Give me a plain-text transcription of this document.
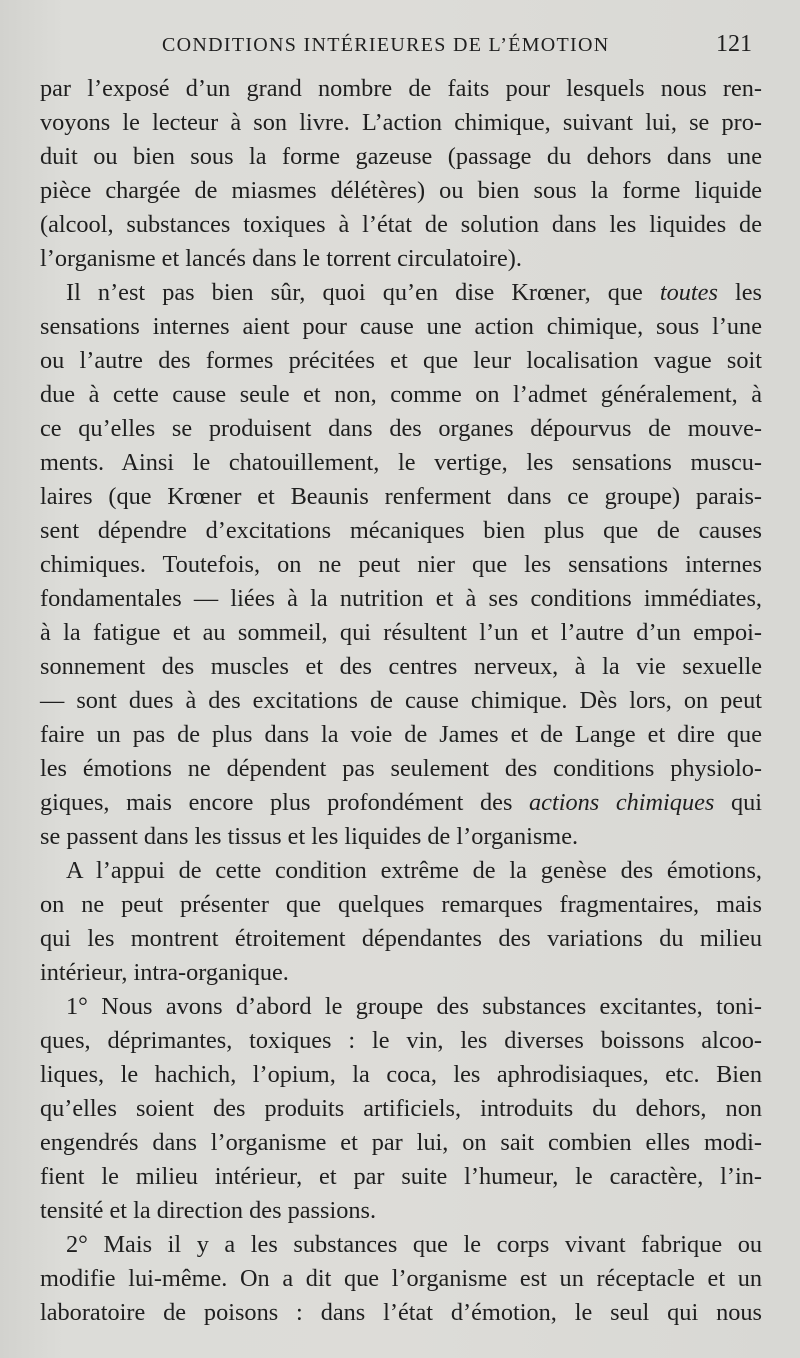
CONDITIONS INTÉRIEURES DE L’ÉMOTION	121
par l’exposé d’un grand nombre de faits pour lesquels nous ren-
voyons le lecteur à son livre. L’action chimique, suivant lui, se pro-
duit ou bien sous la forme gazeuse (passage du dehors dans une
pièce chargée de miasmes délétères) ou bien sous la forme liquide
(alcool, substances toxiques à l’état de solution dans les liquides de
l’organisme et lancés dans le torrent circulatoire).
Il n’est pas bien sûr, quoi qu’en dise Krœner, que toutes les
sensations internes aient pour cause une action chimique, sous l’une
ou l’autre des formes précitées et que leur localisation vague soit
due à cette cause seule et non, comme on l’admet généralement, à
ce qu’elles se produisent dans des organes dépourvus de mouve-
ments. Ainsi le chatouillement, le vertige, les sensations muscu-
laires (que Krœner et Beaunis renferment dans ce groupe) parais-
sent dépendre d’excitations mécaniques bien plus que de causes
chimiques. Toutefois, on ne peut nier que les sensations internes
fondamentales — liées à la nutrition et à ses conditions immédiates,
à la fatigue et au sommeil, qui résultent l’un et l’autre d’un empoi-
sonnement des muscles et des centres nerveux, à la vie sexuelle
— sont dues à des excitations de cause chimique. Dès lors, on peut
faire un pas de plus dans la voie de James et de Lange et dire que
les émotions ne dépendent pas seulement des conditions physiolo-
giques, mais encore plus profondément des actions chimiques qui
se passent dans les tissus et les liquides de l’organisme.
A l’appui de cette condition extrême de la genèse des émotions,
on ne peut présenter que quelques remarques fragmentaires, mais
qui les montrent étroitement dépendantes des variations du milieu
intérieur, intra-organique.
1° Nous avons d’abord le groupe des substances excitantes, toni-
ques, déprimantes, toxiques : le vin, les diverses boissons alcoo-
liques, le hachich, l’opium, la coca, les aphrodisiaques, etc. Bien
qu’elles soient des produits artificiels, introduits du dehors, non
engendrés dans l’organisme et par lui, on sait combien elles modi-
fient le milieu intérieur, et par suite l’humeur, le caractère, l’in-
tensité et la direction des passions.
2° Mais il y a les substances que le corps vivant fabrique ou
modifie lui-même. On a dit que l’organisme est un réceptacle et un
laboratoire de poisons : dans l’état d’émotion, le seul qui nous
